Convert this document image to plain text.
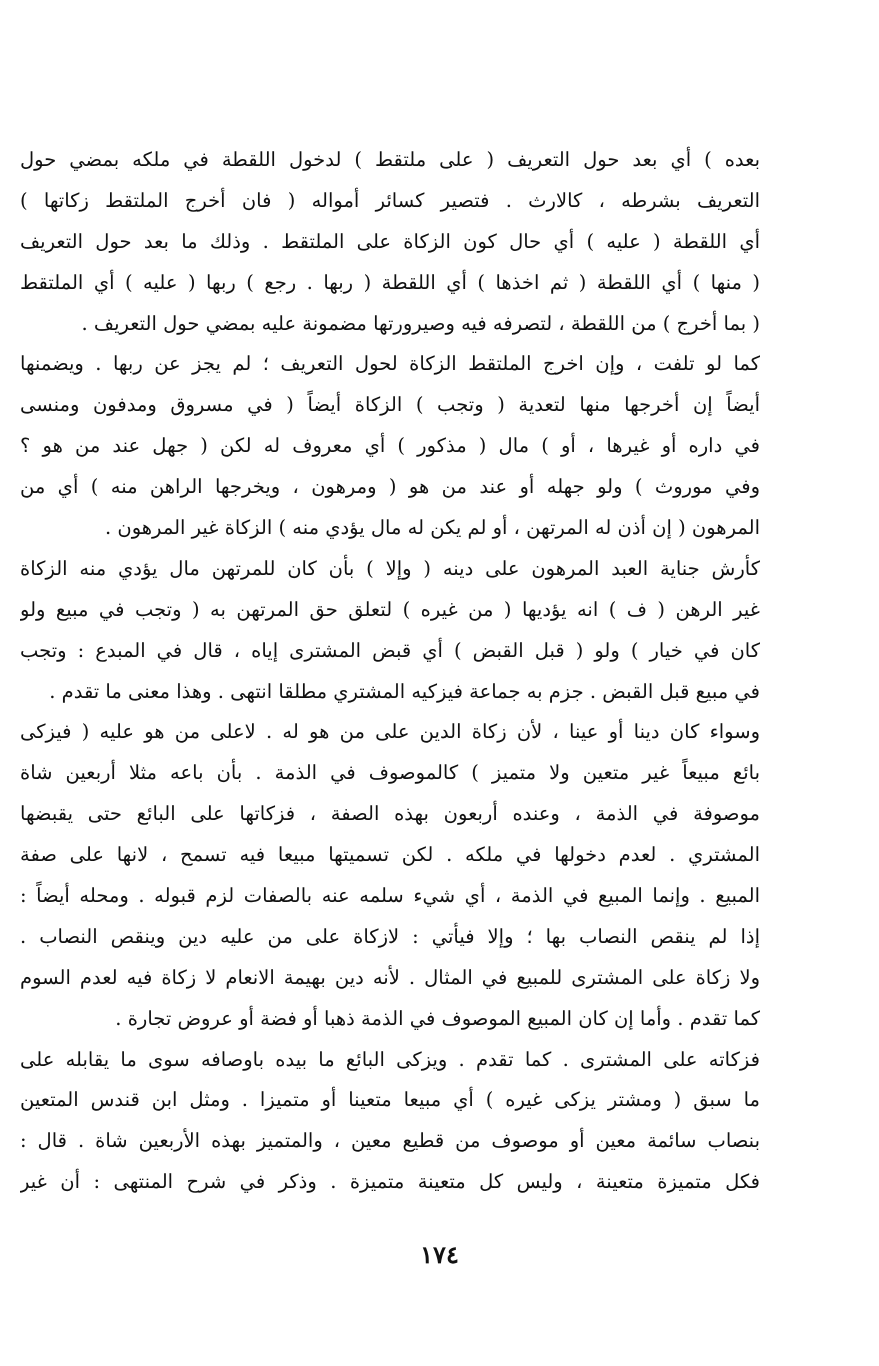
بعده ) أي بعد حول التعريف ( على ملتقط ) لدخول اللقطة في ملكه بمضي حول
التعريف بشرطه ، كالارث . فتصير كسائر أمواله ( فان أخرج الملتقط زكاتها )
أي اللقطة ( عليه ) أي حال كون الزكاة على الملتقط . وذلك ما بعد حول التعريف
( منها ) أي اللقطة ( ثم اخذها ) أي اللقطة ( ربها . رجع ) ربها ( عليه ) أي الملتقط
( بما أخرج ) من اللقطة ، لتصرفه فيه وصيرورتها مضمونة عليه بمضي حول التعريف .
كما لو تلفت ، وإن اخرج الملتقط الزكاة لحول التعريف ؛ لم يجز عن ربها . ويضمنها
أيضاً إن أخرجها منها لتعدية ( وتجب ) الزكاة أيضاً ( في مسروق ومدفون ومنسى
في داره أو غيرها ، أو ) مال ( مذكور ) أي معروف له لكن ( جهل عند من هو ؟
وفي موروث ) ولو جهله أو عند من هو ( ومرهون ، ويخرجها الراهن منه ) أي من
المرهون ( إن أذن له المرتهن ، أو لم يكن له مال يؤدي منه ) الزكاة غير المرهون .
كأرش جناية العبد المرهون على دينه ( وإلا ) بأن كان للمرتهن مال يؤدي منه الزكاة
غير الرهن ( ف ) انه يؤديها ( من غيره ) لتعلق حق المرتهن به ( وتجب في مبيع ولو
كان في خيار ) ولو ( قبل القبض ) أي قبض المشترى إياه ، قال في المبدع : وتجب
في مبيع قبل القبض . جزم به جماعة فيزكيه المشتري مطلقا انتهى . وهذا معنى ما تقدم .
وسواء كان دينا أو عينا ، لأن زكاة الدين على من هو له . لاعلى من هو عليه ( فيزكى
بائع مبيعاً غير متعين ولا متميز ) كالموصوف في الذمة . بأن باعه مثلا أربعين شاة
موصوفة في الذمة ، وعنده أربعون بهذه الصفة ، فزكاتها على البائع حتى يقبضها
المشتري . لعدم دخولها في ملكه . لكن تسميتها مبيعا فيه تسمح ، لانها على صفة
المبيع . وإنما المبيع في الذمة ، أي شيء سلمه عنه بالصفات لزم قبوله . ومحله أيضاً :
إذا لم ينقص النصاب بها ؛ وإلا فيأتي : لازكاة على من عليه دين وينقص النصاب .
ولا زكاة على المشترى للمبيع في المثال . لأنه دين بهيمة الانعام لا زكاة فيه لعدم السوم
كما تقدم . وأما إن كان المبيع الموصوف في الذمة ذهبا أو فضة أو عروض تجارة .
فزكاته على المشترى . كما تقدم . ويزكى البائع ما بيده باوصافه سوى ما يقابله على
ما سبق ( ومشتر يزكى غيره ) أي مبيعا متعينا أو متميزا . ومثل ابن قندس المتعين
بنصاب سائمة معين أو موصوف من قطيع معين ، والمتميز بهذه الأربعين شاة . قال :
فكل متميزة متعينة ، وليس كل متعينة متميزة . وذكر في شرح المنتهى : أن غير
١٧٤
